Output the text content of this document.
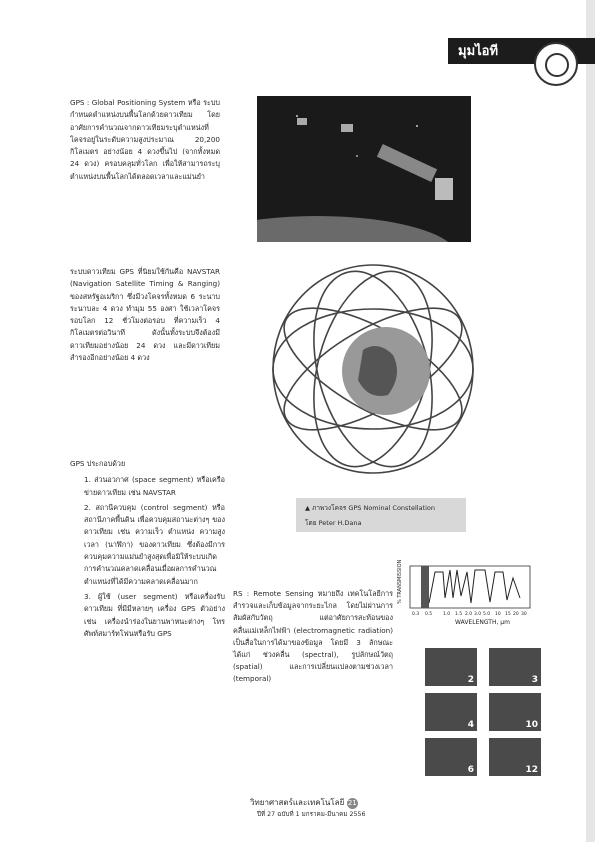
มุมไอที

GPS : Global Positioning System หรือ ระบบกำหนดตำแหน่งบนพื้นโลกด้วยดาวเทียม โดยอาศัยการคำนวณจากดาวเทียมระบุตำแหน่งที่โคจรอยู่ในระดับความสูงประมาณ 20,200 กิโลเมตร อย่างน้อย 4 ดวงขึ้นไป (จากทั้งหมด 24 ดวง) ครอบคลุมทั่วโลก เพื่อให้สามารถระบุตำแหน่งบนพื้นโลกได้ตลอดเวลาและแม่นยำ

ระบบดาวเทียม GPS ที่นิยมใช้กันคือ NAVSTAR (Navigation Satellite Timing & Ranging) ของสหรัฐอเมริกา ซึ่งมีวงโคจรทั้งหมด 6 ระนาบ ระนาบละ 4 ดวง ทำมุม 55 องศา ใช้เวลาโคจรรอบโลก 12 ชั่วโมงต่อรอบ ที่ความเร็ว 4 กิโลเมตรต่อวินาที ดังนั้นทั้งระบบจึงต้องมีดาวเทียมอย่างน้อย 24 ดวง และมีดาวเทียมสำรองอีกอย่างน้อย 4 ดวง

GPS ประกอบด้วย

1. ส่วนอวกาศ (space segment) หรือเครือข่ายดาวเทียม เช่น NAVSTAR
2. สถานีควบคุม (control segment) หรือสถานีภาคพื้นดิน เพื่อควบคุมสถานะต่างๆ ของดาวเทียม เช่น ความเร็ว ตำแหน่ง ความสูง เวลา (นาฬิกา) ของดาวเทียม ซึ่งต้องมีการควบคุมความแม่นยำสูงสุดเพื่อมิให้ระบบเกิดการคำนวณคลาดเคลื่อนเมื่อผลการคำนวณตำแหน่งที่ได้มีความคลาดเคลื่อนมาก
3. ผู้ใช้ (user segment) หรือเครื่องรับดาวเทียม ที่มีมีหลายๆ เครื่อง GPS ตัวอย่างเช่น เครื่องนำร่องในยานพาหนะต่างๆ โทรศัพท์สมาร์ทโฟนหรือรับ GPS
▲ ภาพวงโคจร GPS Nominal Constellation
โดย Peter H.Dana

RS : Remote Sensing หมายถึง เทคโนโลยีการสำรวจและเก็บข้อมูลจากระยะไกล โดยไม่ผ่านการสัมผัสกับวัตถุ แต่อาศัยการสะท้อนของคลื่นแม่เหล็กไฟฟ้า (electromagnetic radiation) เป็นสื่อในการได้มาของข้อมูล โดยมี 3 ลักษณะ ได้แก่ ช่วงคลื่น (spectral), รูปลักษณ์วัตถุ (spatial) และการเปลี่ยนแปลงตามช่วงเวลา (temporal)

% TRANSMISSION
WAVELENGTH, μm
0.3 0.5 1.0 1.5 2.0 3.0 5.0 10 15 20 30
2	3
4	10
6	12
วิทยาศาสตร์และเทคโนโลยี 21
ปีที่ 27 ฉบับที่ 1 มกราคม-มีนาคม 2556
